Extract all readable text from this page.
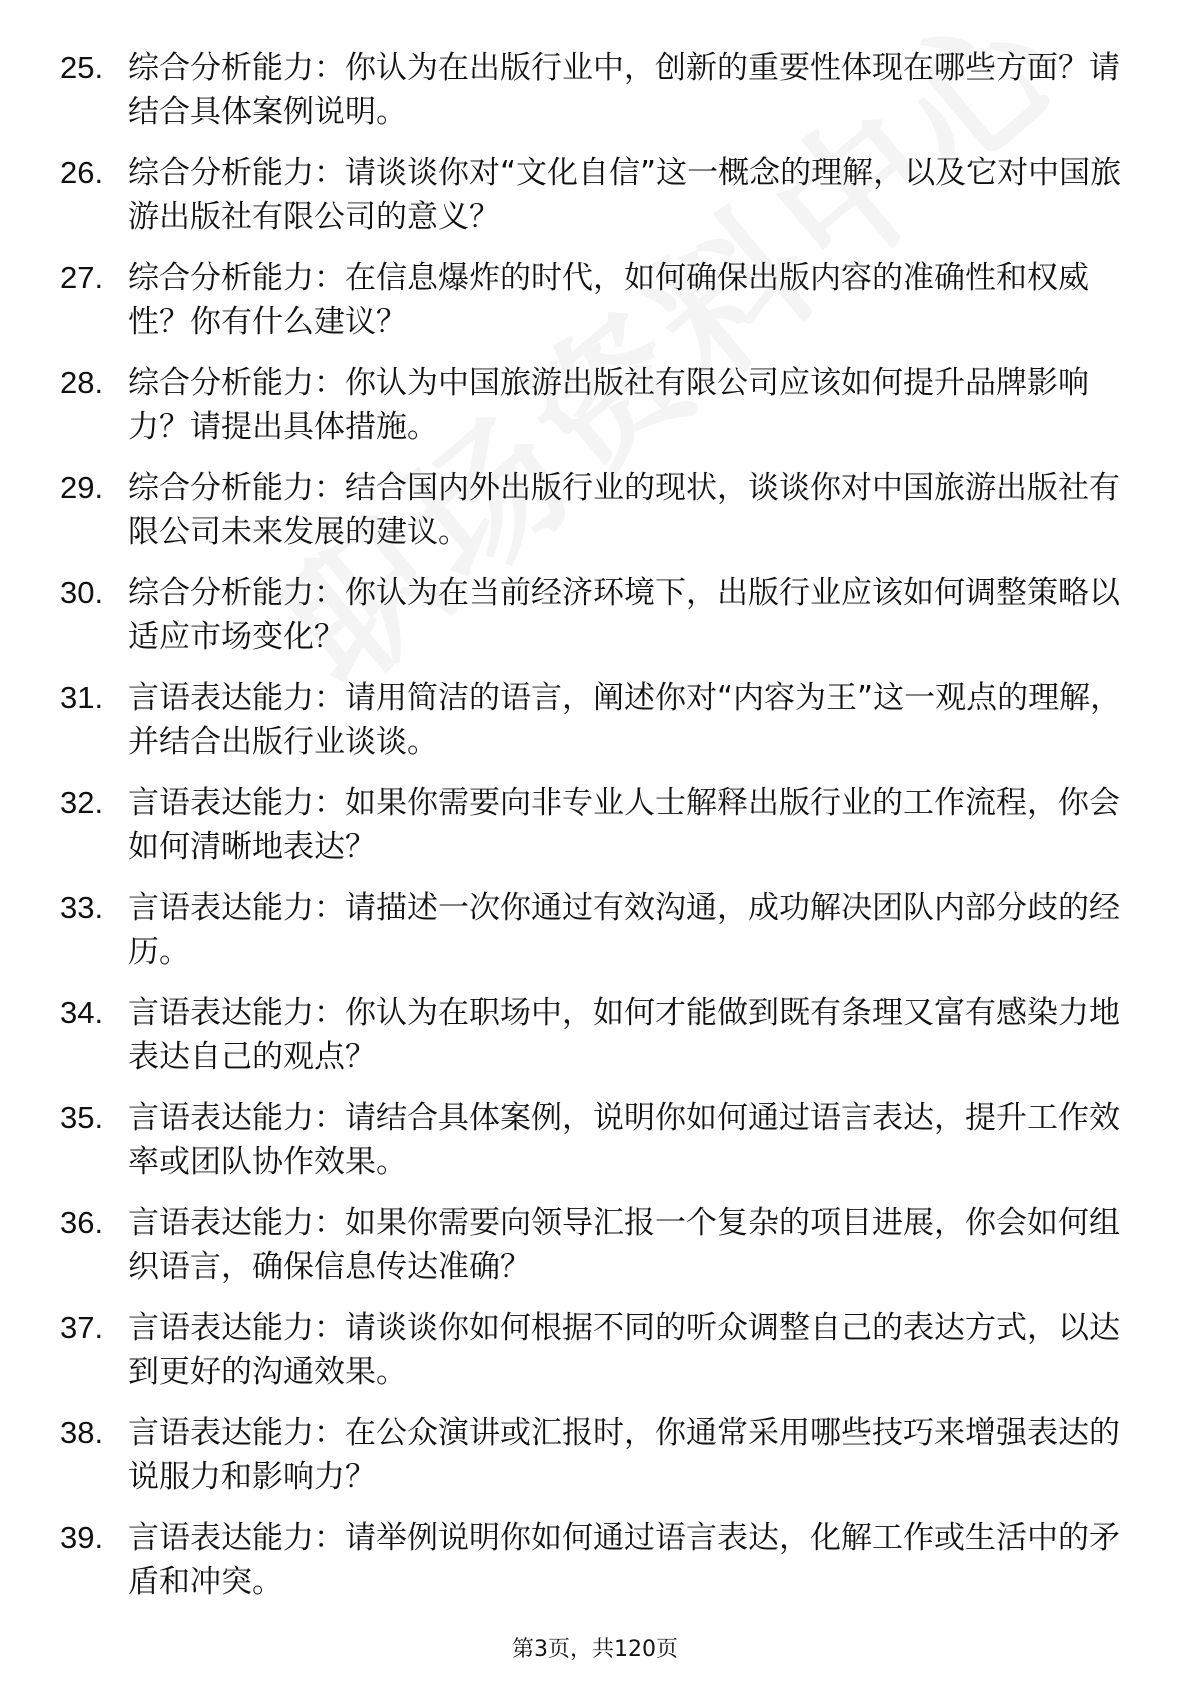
25. 综合分析能力：你认为在出版行业中，创新的重要性体现在哪些方面？请结合具体案例说明。
26. 综合分析能力：请谈谈你对“文化自信”这一概念的理解，以及它对中国旅游出版社有限公司的意义？
27. 综合分析能力：在信息爆炸的时代，如何确保出版内容的准确性和权威性？你有什么建议？
28. 综合分析能力：你认为中国旅游出版社有限公司应该如何提升品牌影响力？请提出具体措施。
29. 综合分析能力：结合国内外出版行业的现状，谈谈你对中国旅游出版社有限公司未来发展的建议。
30. 综合分析能力：你认为在当前经济环境下，出版行业应该如何调整策略以适应市场变化？
31. 言语表达能力：请用简洁的语言，阐述你对“内容为王”这一观点的理解，并结合出版行业谈谈。
32. 言语表达能力：如果你需要向非专业人士解释出版行业的工作流程，你会如何清晰地表达？
33. 言语表达能力：请描述一次你通过有效沟通，成功解决团队内部分歧的经历。
34. 言语表达能力：你认为在职场中，如何才能做到既有条理又富有感染力地表达自己的观点？
35. 言语表达能力：请结合具体案例，说明你如何通过语言表达，提升工作效率或团队协作效果。
36. 言语表达能力：如果你需要向领导汇报一个复杂的项目进展，你会如何组织语言，确保信息传达准确？
37. 言语表达能力：请谈谈你如何根据不同的听众调整自己的表达方式，以达到更好的沟通效果。
38. 言语表达能力：在公众演讲或汇报时，你通常采用哪些技巧来增强表达的说服力和影响力？
39. 言语表达能力：请举例说明你如何通过语言表达，化解工作或生活中的矛盾和冲突。
第3页，共120页
